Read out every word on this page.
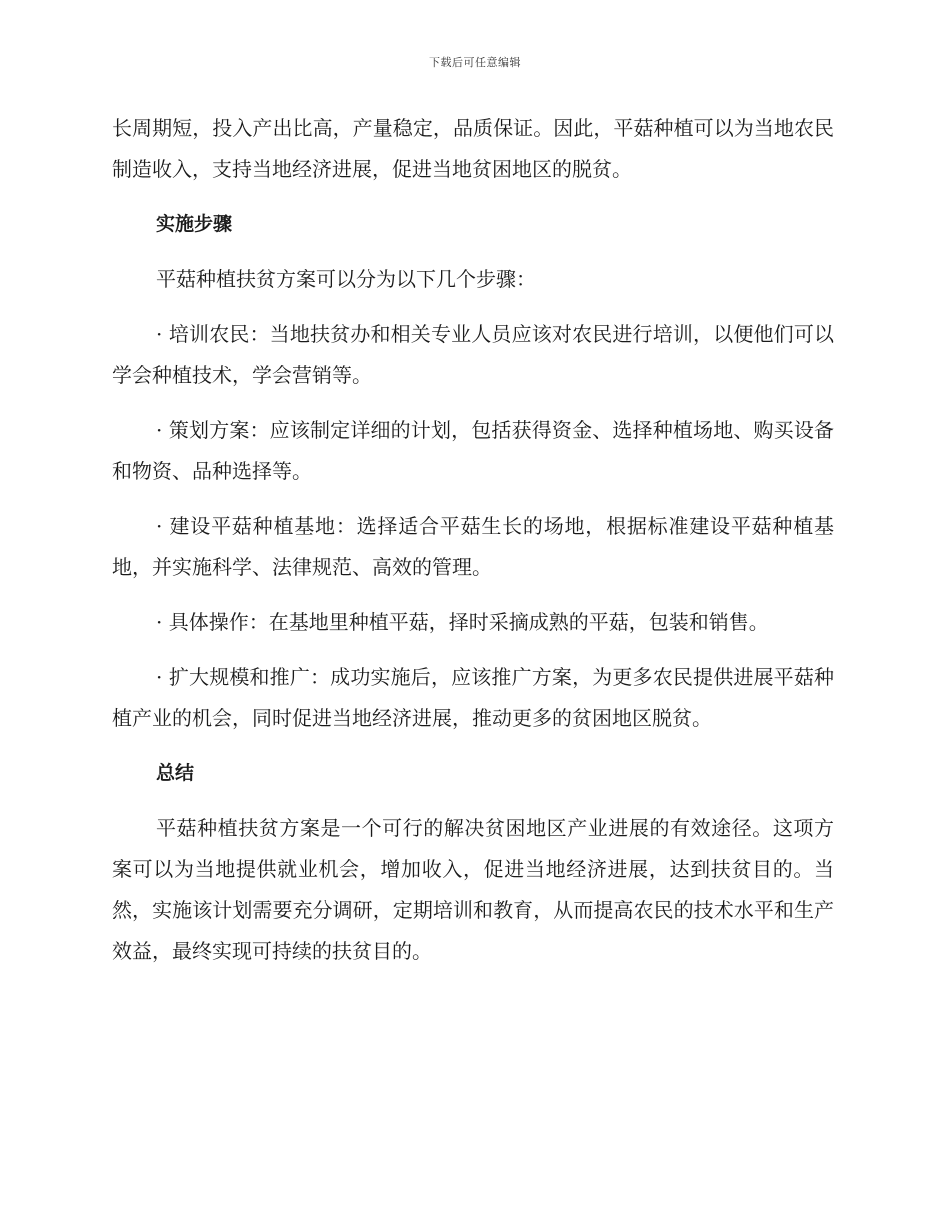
下载后可任意编辑

长周期短，投入产出比高，产量稳定，品质保证。因此，平菇种植可以为当地农民制造收入，支持当地经济进展，促进当地贫困地区的脱贫。

实施步骤

平菇种植扶贫方案可以分为以下几个步骤：

· 培训农民：当地扶贫办和相关专业人员应该对农民进行培训，以便他们可以学会种植技术，学会营销等。

· 策划方案：应该制定详细的计划，包括获得资金、选择种植场地、购买设备和物资、品种选择等。

· 建设平菇种植基地：选择适合平菇生长的场地，根据标准建设平菇种植基地，并实施科学、法律规范、高效的管理。

· 具体操作：在基地里种植平菇，择时采摘成熟的平菇，包装和销售。

· 扩大规模和推广：成功实施后，应该推广方案，为更多农民提供进展平菇种植产业的机会，同时促进当地经济进展，推动更多的贫困地区脱贫。

总结

平菇种植扶贫方案是一个可行的解决贫困地区产业进展的有效途径。这项方案可以为当地提供就业机会，增加收入，促进当地经济进展，达到扶贫目的。当然，实施该计划需要充分调研，定期培训和教育，从而提高农民的技术水平和生产效益，最终实现可持续的扶贫目的。
